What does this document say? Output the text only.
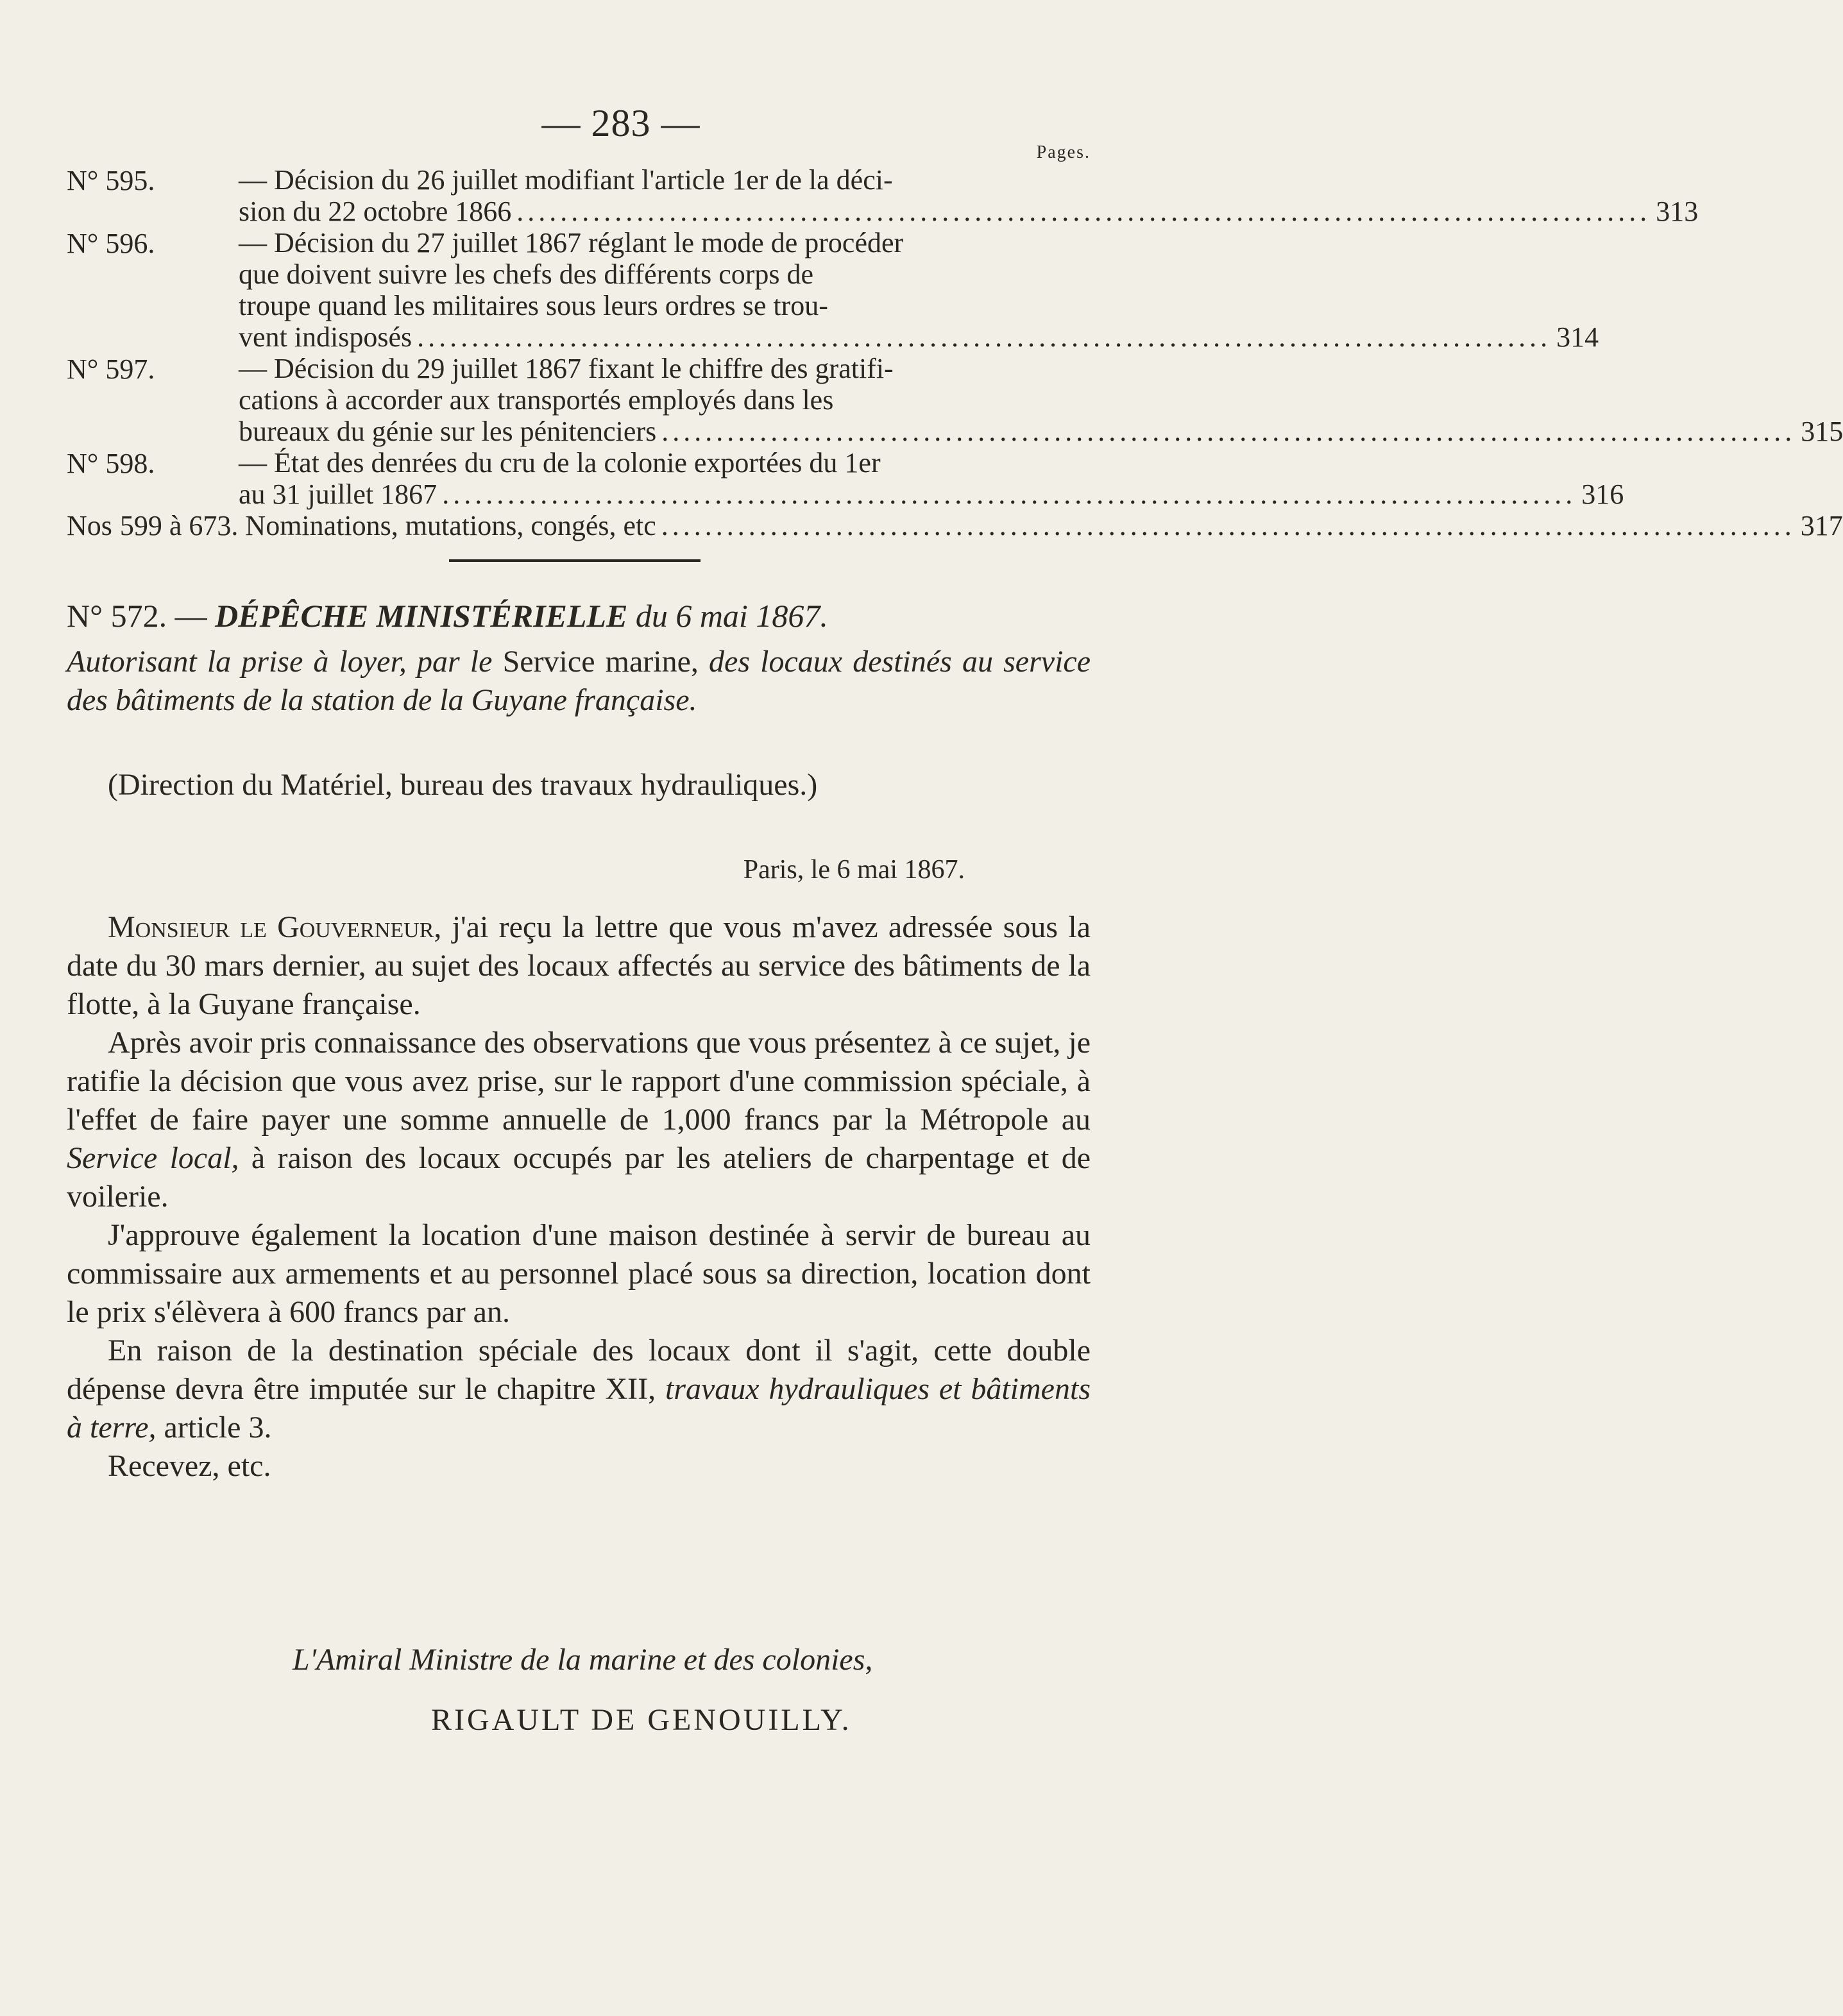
— 283 —
Pages.
N° 595.	— Décision du 26 juillet modifiant l'article 1er de la déci-
sion du 22 octobre 1866 ........................................................................................................ 313
N° 596.	— Décision du 27 juillet 1867 réglant le mode de procéder
que doivent suivre les chefs des différents corps de
troupe quand les militaires sous leurs ordres se trou-
vent indisposés ........................................................................................................ 314
N° 597.	— Décision du 29 juillet 1867 fixant le chiffre des gratifi-
cations à accorder aux transportés employés dans les
bureaux du génie sur les pénitenciers ........................................................................................................ 315
N° 598.	— État des denrées du cru de la colonie exportées du 1er
au 31 juillet 1867 ........................................................................................................ 316
Nos 599 à 673. Nominations, mutations, congés, etc ........................................................................................................ 317
N° 572. — DÉPÊCHE MINISTÉRIELLE du 6 mai 1867.
Autorisant la prise à loyer, par le Service marine, des locaux destinés au service des bâtiments de la station de la Guyane française.
(Direction du Matériel, bureau des travaux hydrauliques.)
Paris, le 6 mai 1867.

Monsieur le Gouverneur, j'ai reçu la lettre que vous m'avez adressée sous la date du 30 mars dernier, au sujet des locaux affectés au service des bâtiments de la flotte, à la Guyane française.

Après avoir pris connaissance des observations que vous présentez à ce sujet, je ratifie la décision que vous avez prise, sur le rapport d'une commission spéciale, à l'effet de faire payer une somme annuelle de 1,000 francs par la Métropole au Service local, à raison des locaux occupés par les ateliers de charpentage et de voilerie.

J'approuve également la location d'une maison destinée à servir de bureau au commissaire aux armements et au personnel placé sous sa direction, location dont le prix s'élèvera à 600 francs par an.

En raison de la destination spéciale des locaux dont il s'agit, cette double dépense devra être imputée sur le chapitre XII, travaux hydrauliques et bâtiments à terre, article 3.

Recevez, etc.

L'Amiral Ministre de la marine et des colonies,
RIGAULT DE GENOUILLY.
